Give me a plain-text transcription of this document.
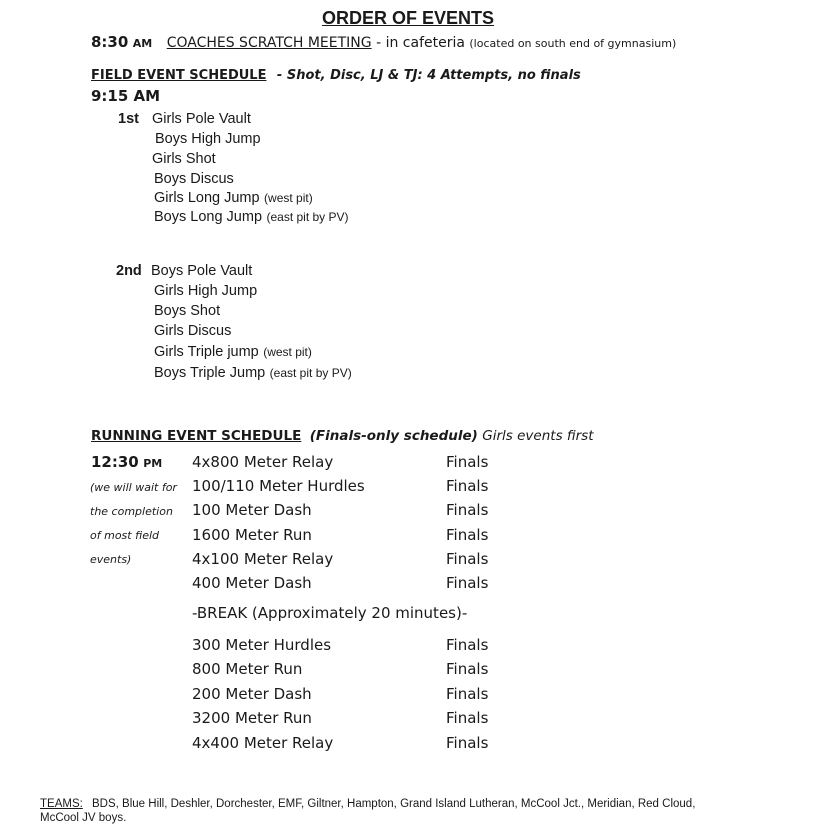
ORDER OF EVENTS
8:30 AM COACHES SCRATCH MEETING - in cafeteria (located on south end of gymnasium)
FIELD EVENT SCHEDULE - Shot, Disc, LJ & TJ: 4 Attempts, no finals
9:15 AM
1st Girls Pole Vault
Boys High Jump
Girls Shot
Boys Discus
Girls Long Jump (west pit)
Boys Long Jump (east pit by PV)
2nd Boys Pole Vault
Girls High Jump
Boys Shot
Girls Discus
Girls Triple jump (west pit)
Boys Triple Jump (east pit by PV)
RUNNING EVENT SCHEDULE (Finals-only schedule) Girls events first
12:30 PM
(we will wait for
the completion
of most field
events)
4x800 Meter Relay	Finals
100/110 Meter Hurdles	Finals
100 Meter Dash	Finals
1600 Meter Run	Finals
4x100 Meter Relay	Finals
400 Meter Dash	Finals
-BREAK (Approximately 20 minutes)-
300 Meter Hurdles	Finals
800 Meter Run	Finals
200 Meter Dash	Finals
3200 Meter Run	Finals
4x400 Meter Relay	Finals
TEAMS: BDS, Blue Hill, Deshler, Dorchester, EMF, Giltner, Hampton, Grand Island Lutheran, McCool Jct., Meridian, Red Cloud,
McCool JV boys.
